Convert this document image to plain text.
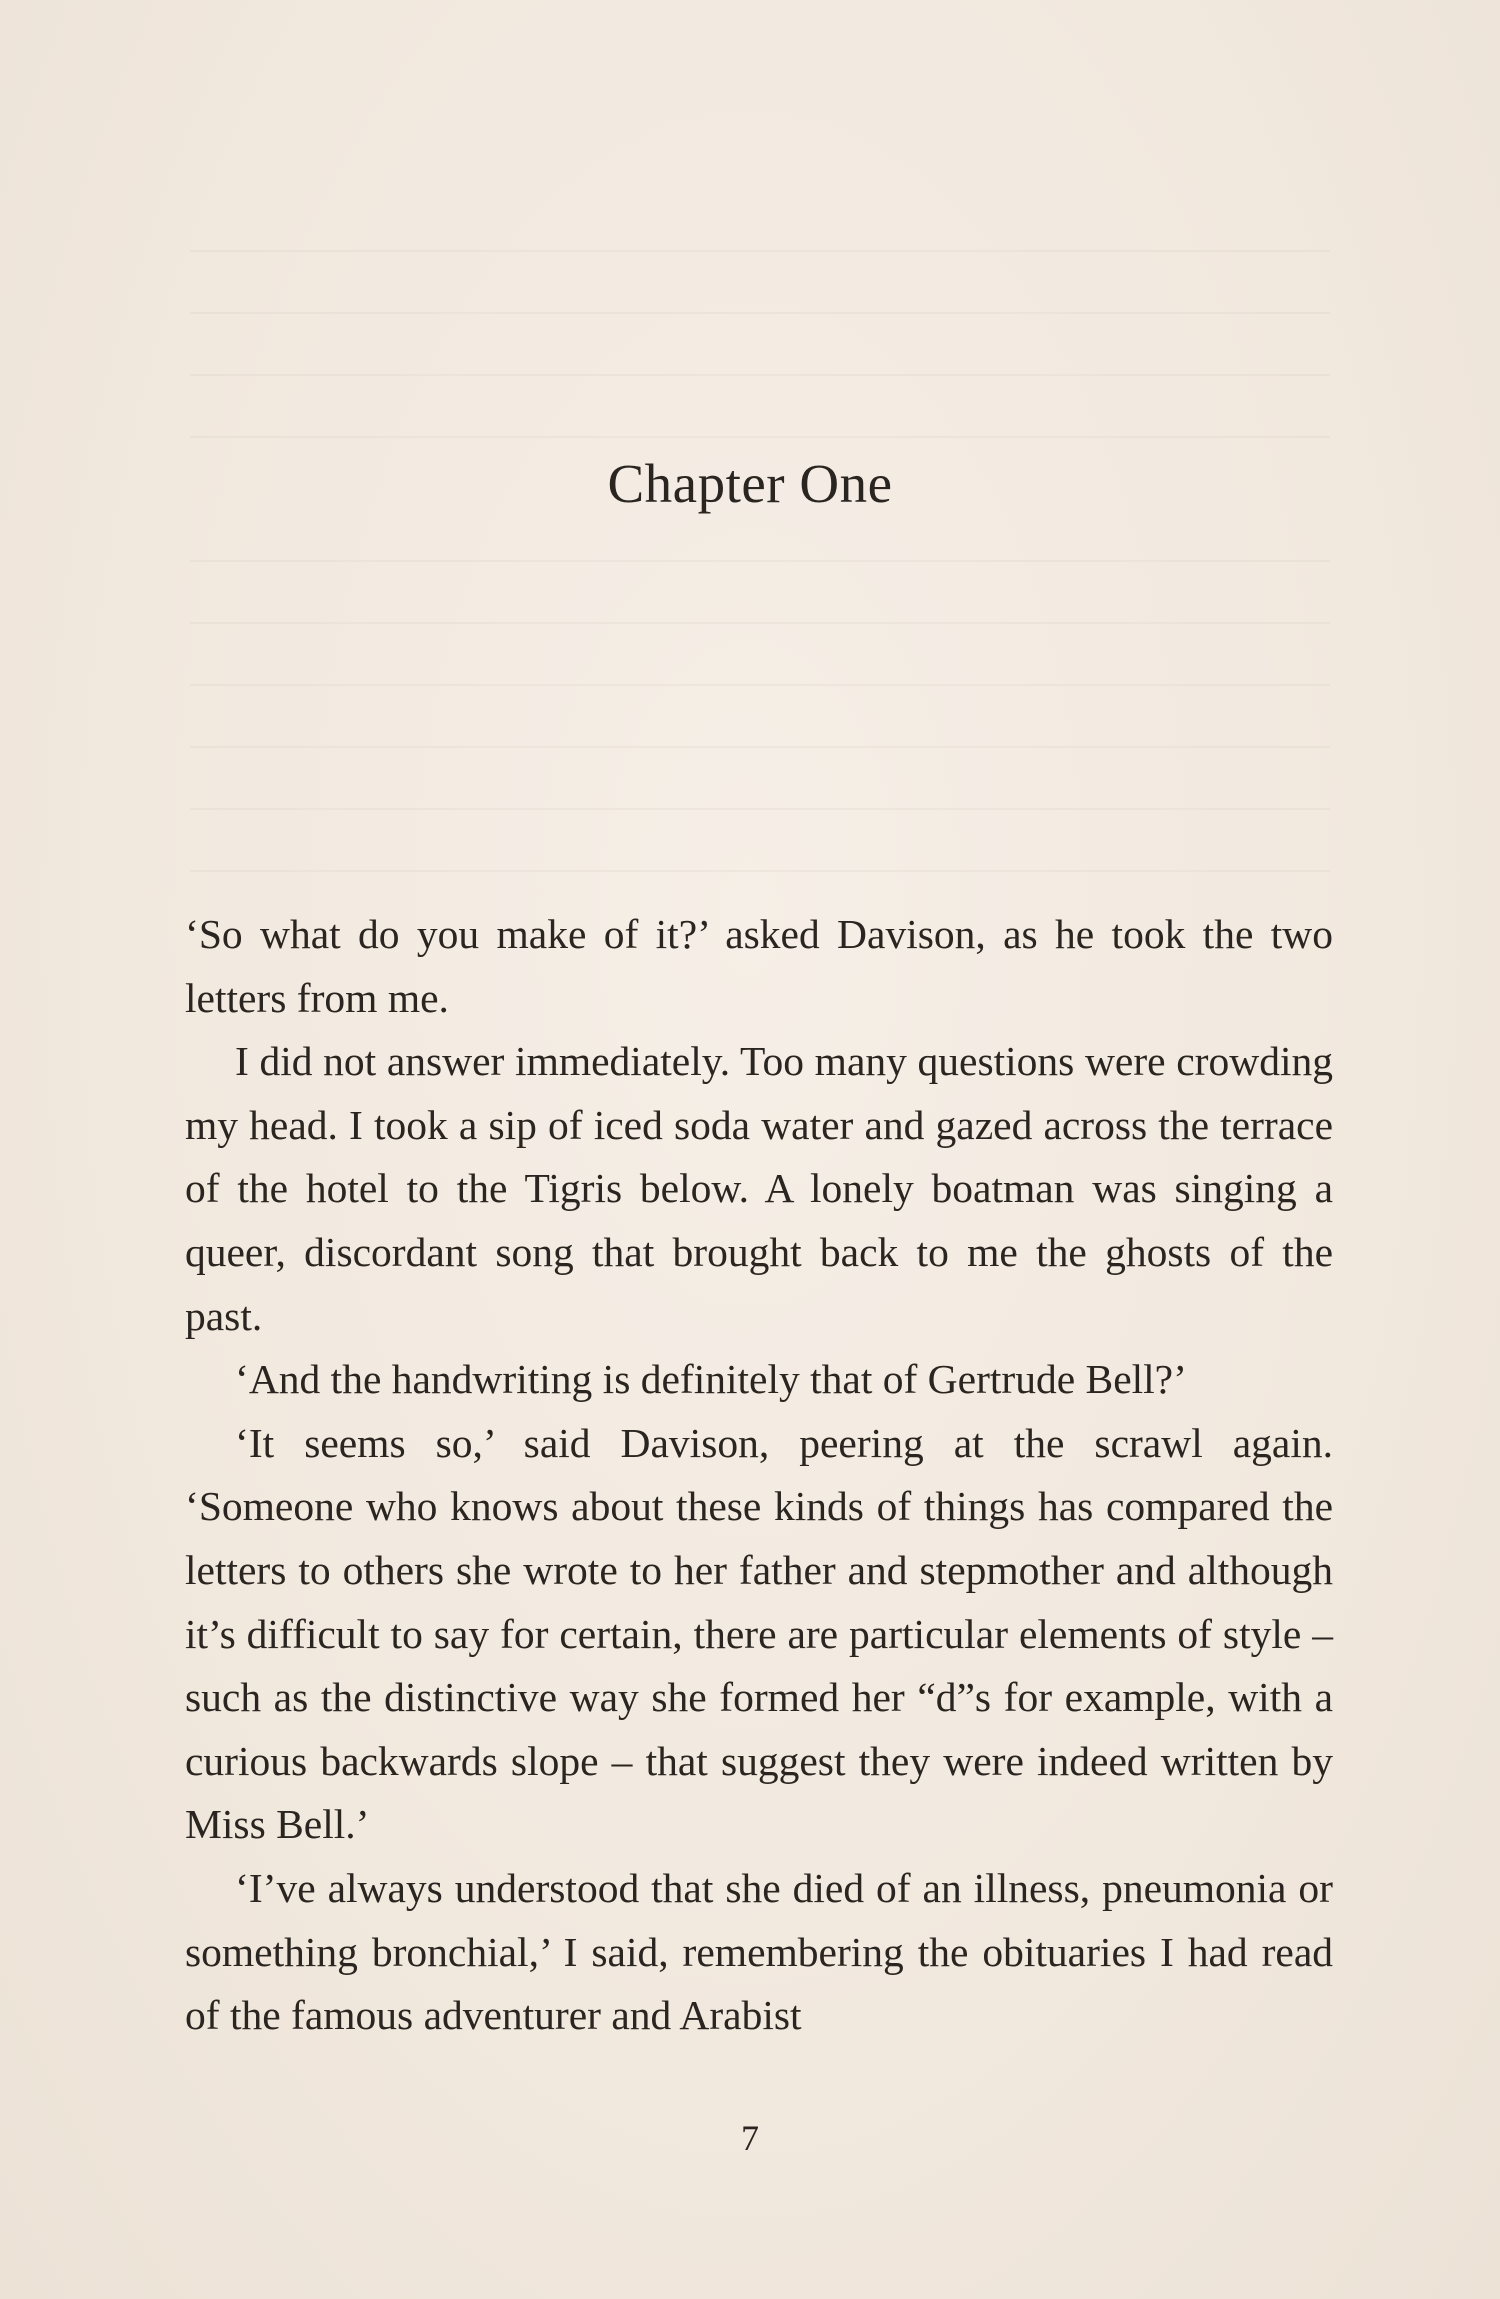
Chapter One

‘So what do you make of it?’ asked Davison, as he took the two letters from me.

I did not answer immediately. Too many questions were crowding my head. I took a sip of iced soda water and gazed across the terrace of the hotel to the Tigris below. A lonely boatman was singing a queer, discordant song that brought back to me the ghosts of the past.

‘And the handwriting is definitely that of Gertrude Bell?’

‘It seems so,’ said Davison, peering at the scrawl again. ‘Someone who knows about these kinds of things has compared the letters to others she wrote to her father and stepmother and although it’s difficult to say for certain, there are particular elements of style – such as the distinctive way she formed her “d”s for example, with a curious backwards slope – that suggest they were indeed written by Miss Bell.’

‘I’ve always understood that she died of an illness, pneumonia or something bronchial,’ I said, remembering the obituaries I had read of the famous adventurer and Arabist

7
